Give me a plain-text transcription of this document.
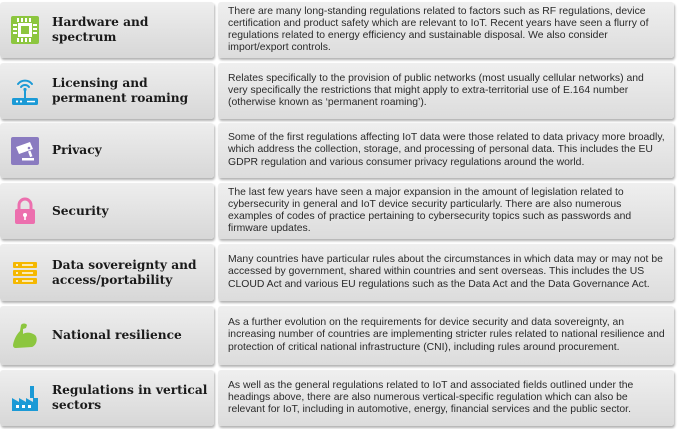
Hardware and spectrum
There are many long-standing regulations related to factors such as RF regulations, device certification and product safety which are relevant to IoT. Recent years have seen a flurry of regulations related to energy efficiency and sustainable disposal. We also consider import/export controls.
Licensing and permanent roaming
Relates specifically to the provision of public networks (most usually cellular networks) and very specifically the restrictions that might apply to extra-territorial use of E.164 number (otherwise known as ‘permanent roaming’).
Privacy
Some of the first regulations affecting IoT data were those related to data privacy more broadly, which address the collection, storage, and processing of personal data. This includes the EU GDPR regulation and various consumer privacy regulations around the world.
Security
The last few years have seen a major expansion in the amount of legislation related to cybersecurity in general and IoT device security particularly. There are also numerous examples of codes of practice pertaining to cybersecurity topics such as passwords and firmware updates.
Data sovereignty and access/portability
Many countries have particular rules about the circumstances in which data may or may not be accessed by government, shared within countries and sent overseas. This includes the US CLOUD Act and various EU regulations such as the Data Act and the Data Governance Act.
National resilience
As a further evolution on the requirements for device security and data sovereignty, an increasing number of countries are implementing stricter rules related to national resilience and protection of critical national infrastructure (CNI), including rules around procurement.
Regulations in vertical sectors
As well as the general regulations related to IoT and associated fields outlined under the headings above, there are also numerous vertical-specific regulation which can also be relevant for IoT, including in automotive, energy, financial services and the public sector.
